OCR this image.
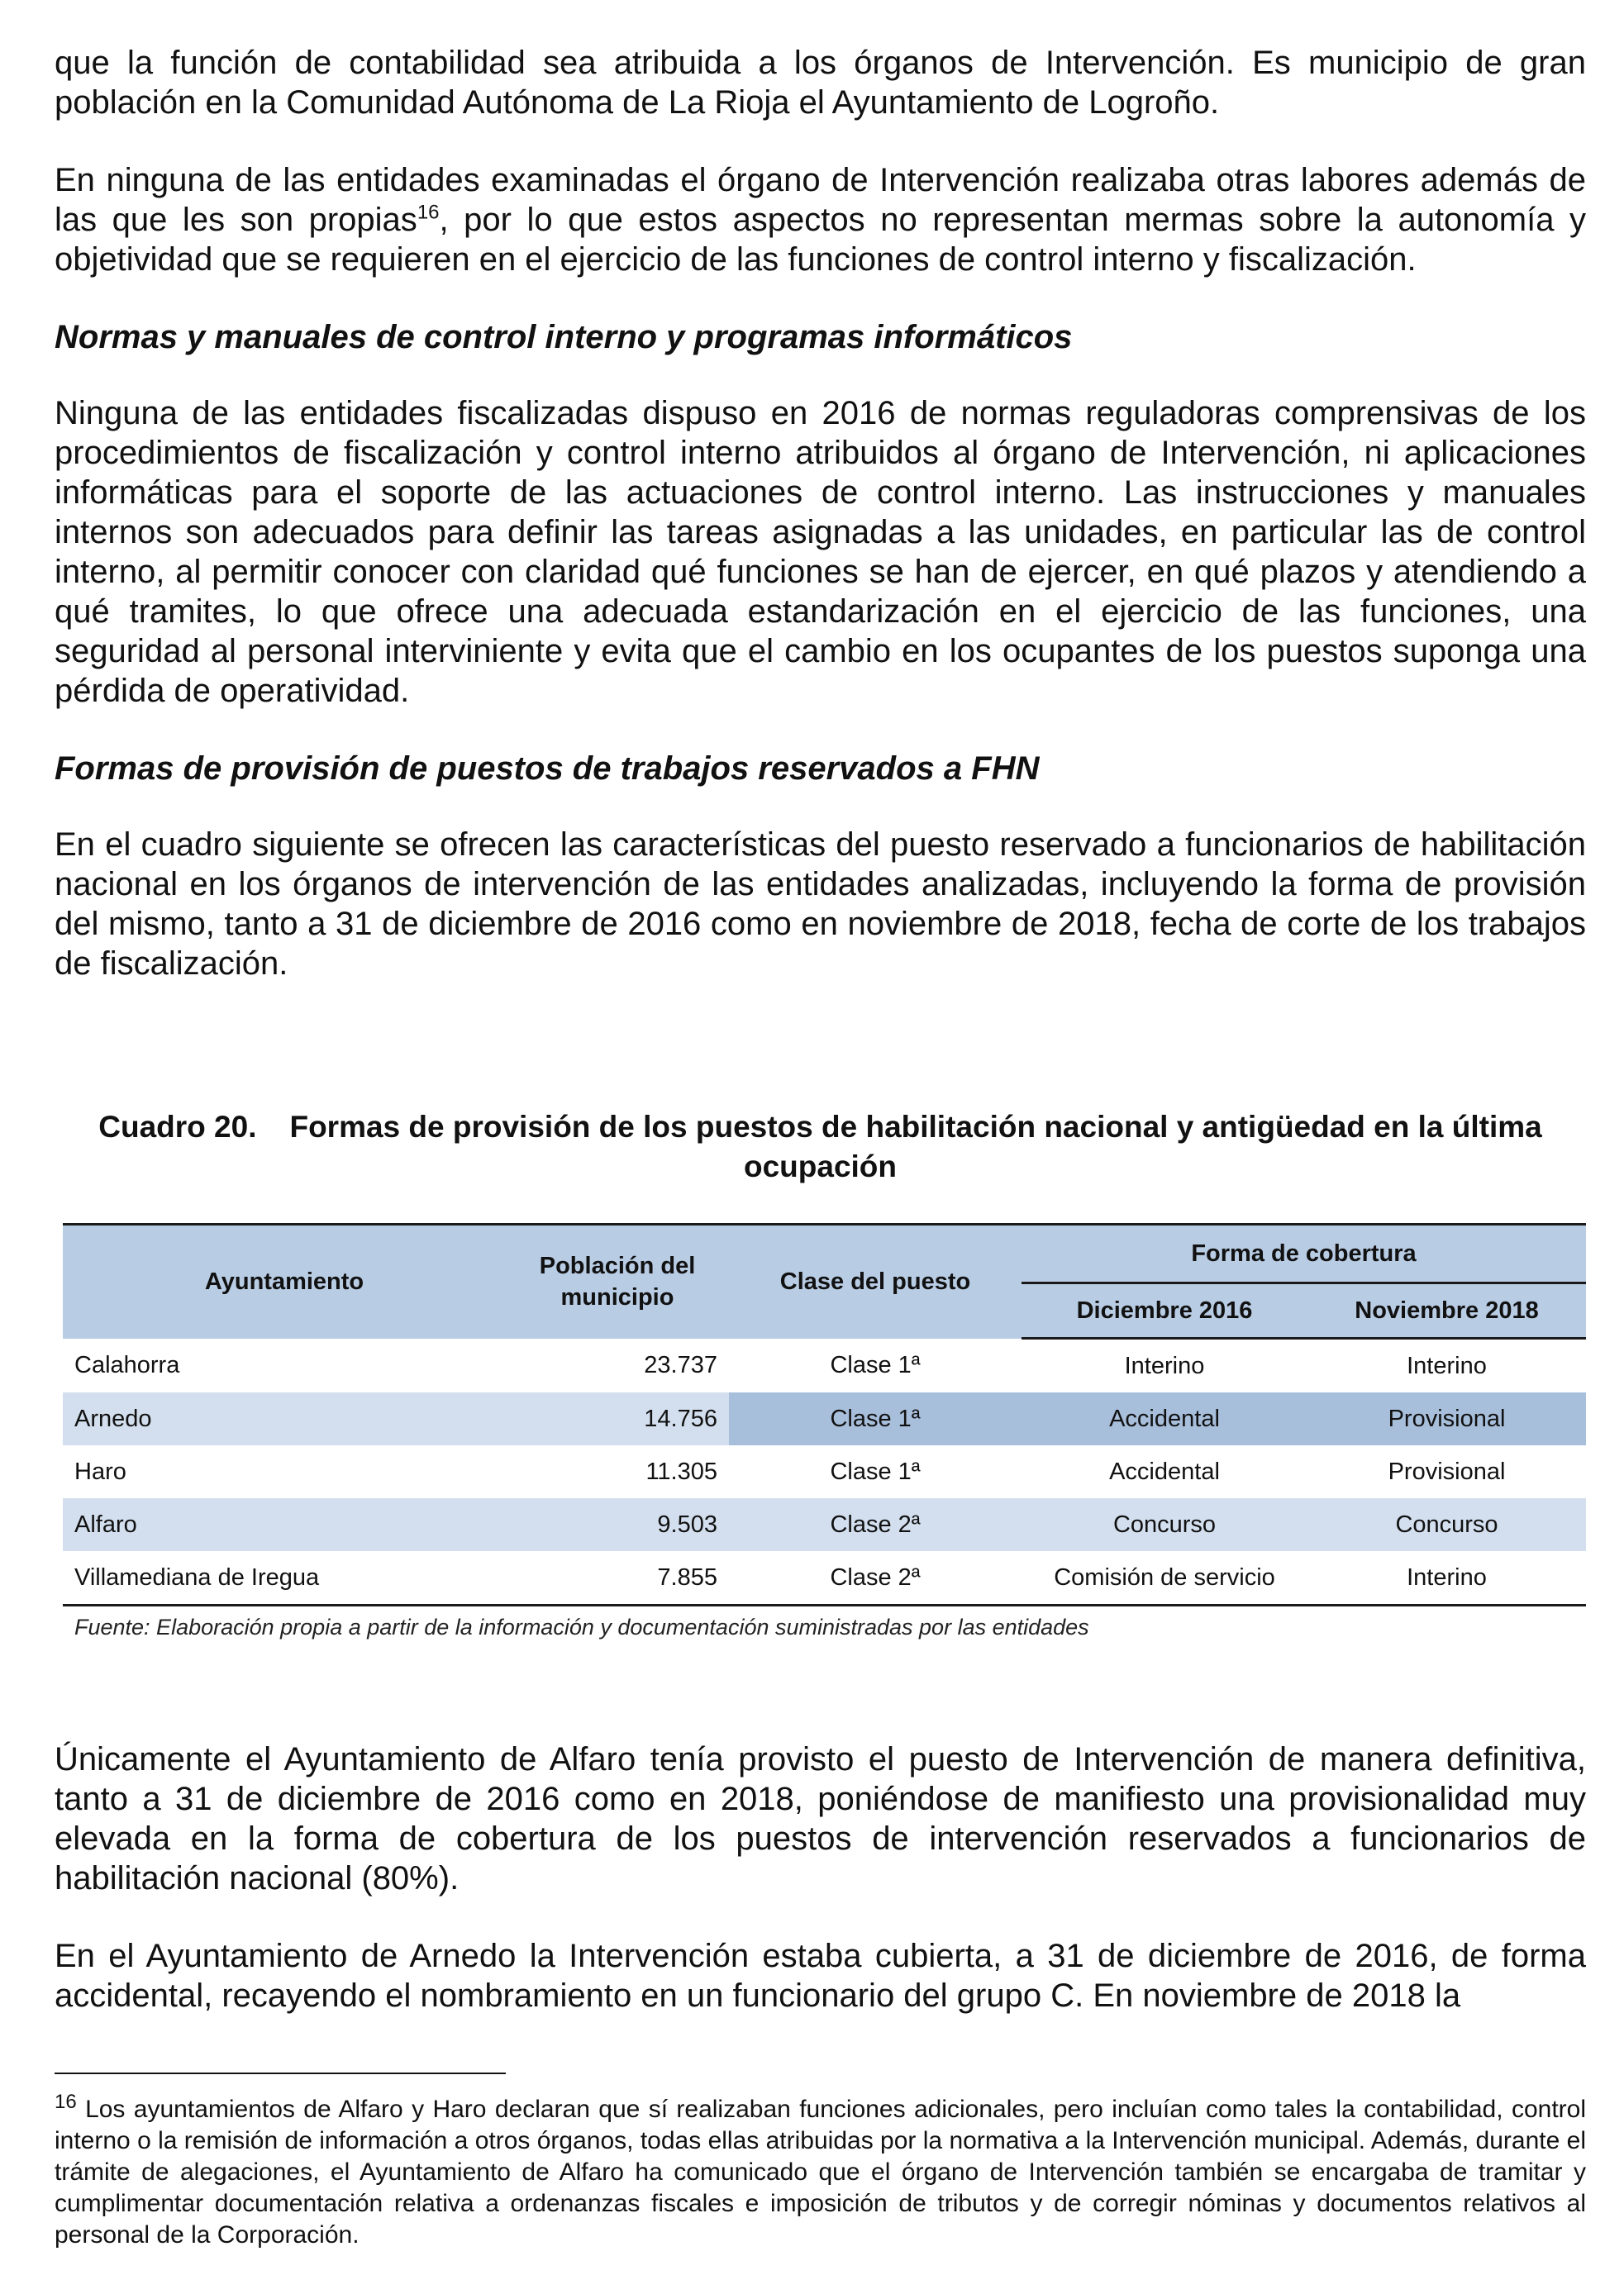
que la función de contabilidad sea atribuida a los órganos de Intervención. Es municipio de gran población en la Comunidad Autónoma de La Rioja el Ayuntamiento de Logroño.

En ninguna de las entidades examinadas el órgano de Intervención realizaba otras labores además de las que les son propias$^{16}$, por lo que estos aspectos no representan mermas sobre la autonomía y objetividad que se requieren en el ejercicio de las funciones de control interno y fiscalización.

Normas y manuales de control interno y programas informáticos

Ninguna de las entidades fiscalizadas dispuso en 2016 de normas reguladoras comprensivas de los procedimientos de fiscalización y control interno atribuidos al órgano de Intervención, ni aplicaciones informáticas para el soporte de las actuaciones de control interno. Las instrucciones y manuales internos son adecuados para definir las tareas asignadas a las unidades, en particular las de control interno, al permitir conocer con claridad qué funciones se han de ejercer, en qué plazos y atendiendo a qué tramites, lo que ofrece una adecuada estandarización en el ejercicio de las funciones, una seguridad al personal interviniente y evita que el cambio en los ocupantes de los puestos suponga una pérdida de operatividad.

Formas de provisión de puestos de trabajos reservados a FHN

En el cuadro siguiente se ofrecen las características del puesto reservado a funcionarios de habilitación nacional en los órganos de intervención de las entidades analizadas, incluyendo la forma de provisión del mismo, tanto a 31 de diciembre de 2016 como en noviembre de 2018, fecha de corte de los trabajos de fiscalización.

Cuadro 20. Formas de provisión de los puestos de habilitación nacional y antigüedad en la última ocupación
Ayuntamiento	Población del municipio	Clase del puesto	Forma de cobertura	
			Diciembre 2016	Noviembre 2018
Calahorra	23.737	Clase 1ª	Interino	Interino
Arnedo	14.756	Clase 1ª	Accidental	Provisional
Haro	11.305	Clase 1ª	Accidental	Provisional
Alfaro	9.503	Clase 2ª	Concurso	Concurso
Villamediana de Iregua	7.855	Clase 2ª	Comisión de servicio	Interino
Fuente: Elaboración propia a partir de la información y documentación suministradas por las entidades

Únicamente el Ayuntamiento de Alfaro tenía provisto el puesto de Intervención de manera definitiva, tanto a 31 de diciembre de 2016 como en 2018, poniéndose de manifiesto una provisionalidad muy elevada en la forma de cobertura de los puestos de intervención reservados a funcionarios de habilitación nacional (80%).

En el Ayuntamiento de Arnedo la Intervención estaba cubierta, a 31 de diciembre de 2016, de forma accidental, recayendo el nombramiento en un funcionario del grupo C. En noviembre de 2018 la

$^{16}$ Los ayuntamientos de Alfaro y Haro declaran que sí realizaban funciones adicionales, pero incluían como tales la contabilidad, control interno o la remisión de información a otros órganos, todas ellas atribuidas por la normativa a la Intervención municipal. Además, durante el trámite de alegaciones, el Ayuntamiento de Alfaro ha comunicado que el órgano de Intervención también se encargaba de tramitar y cumplimentar documentación relativa a ordenanzas fiscales e imposición de tributos y de corregir nóminas y documentos relativos al personal de la Corporación.
